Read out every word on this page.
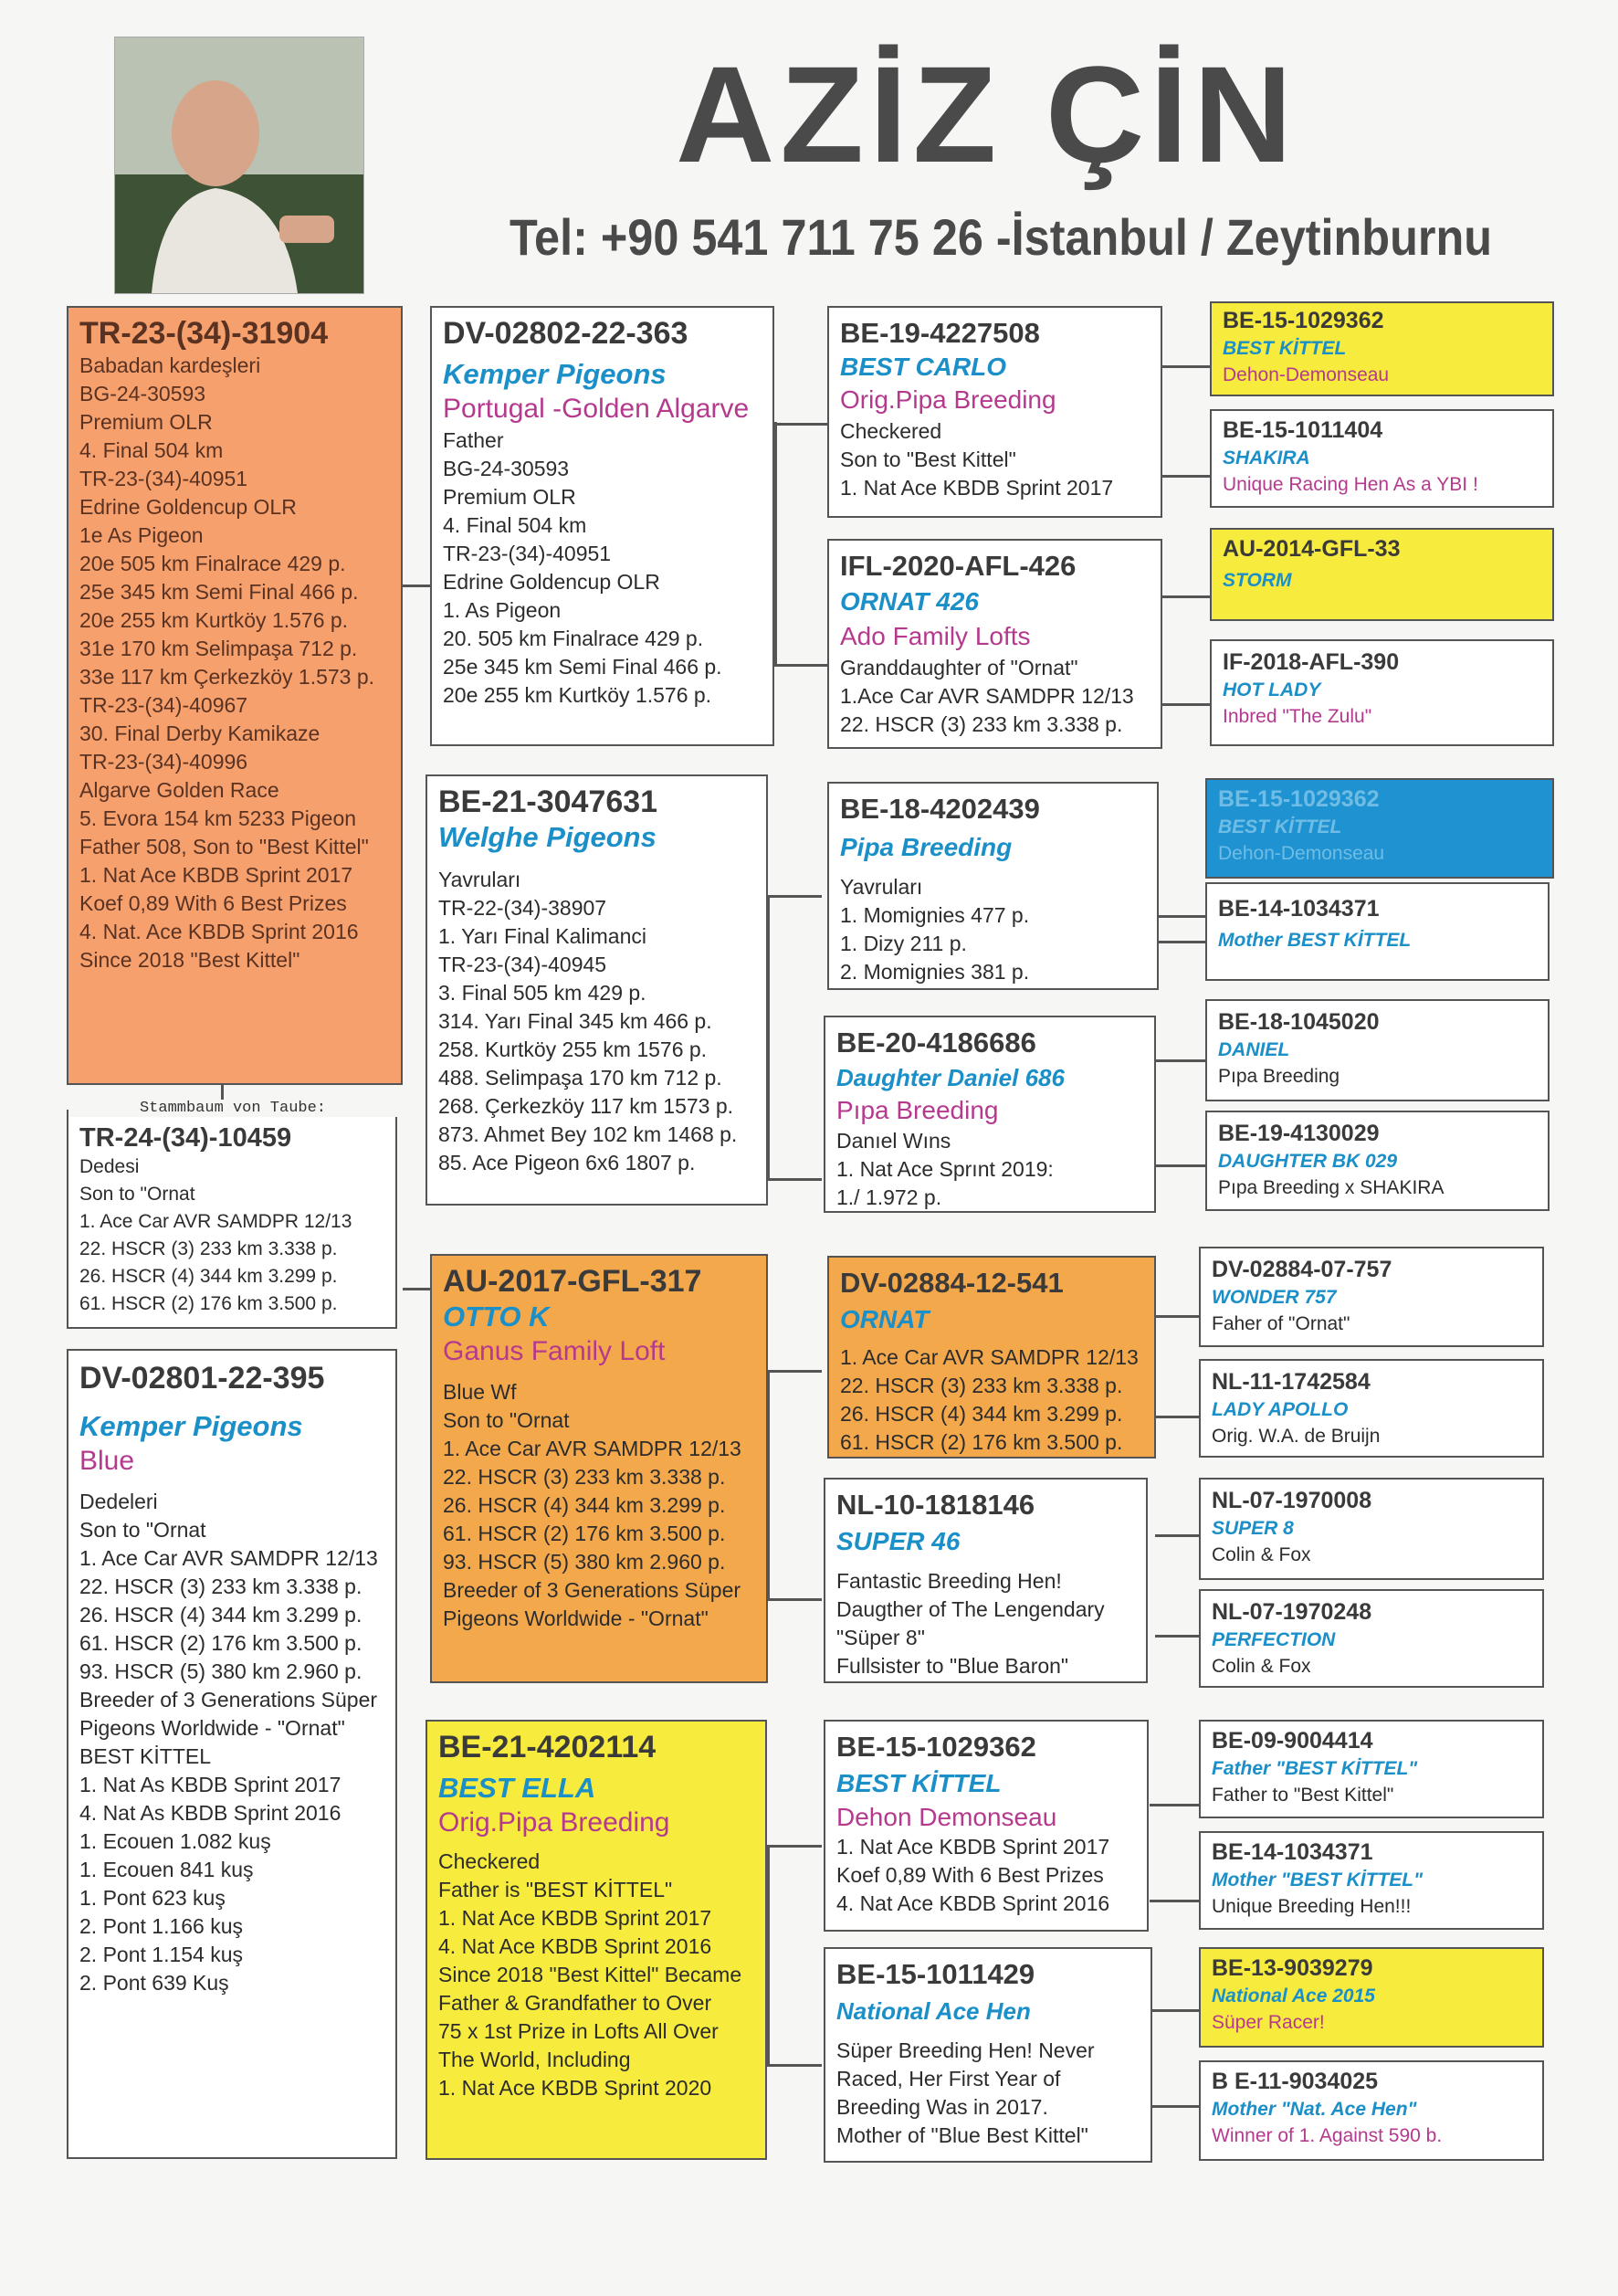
AZİZ ÇİN
Tel: +90 541 711 75 26 -İstanbul / Zeytinburnu
TR-23-(34)-31904
Babadan kardeşleri
BG-24-30593
Premium OLR
4. Final 504 km
TR-23-(34)-40951
Edrine Goldencup OLR
1e As Pigeon
20e 505 km Finalrace 429 p.
25e 345 km Semi Final 466 p.
20e 255 km Kurtköy 1.576 p.
31e 170 km Selimpaşa 712 p.
33e 117 km Çerkezköy 1.573 p.
TR-23-(34)-40967
30. Final Derby Kamikaze
TR-23-(34)-40996
Algarve Golden Race
5. Evora 154 km 5233 Pigeon
Father 508, Son to "Best Kittel"
1. Nat Ace KBDB Sprint 2017
Koef 0,89 With 6 Best Prizes
4. Nat. Ace KBDB Sprint 2016
Since 2018 "Best Kittel"
TR-24-(34)-10459
Dedesi
Son to "Ornat
1. Ace Car AVR SAMDPR 12/13
22. HSCR (3) 233 km 3.338 p.
26. HSCR (4) 344 km 3.299 p.
61. HSCR (2) 176 km 3.500 p.
Stammbaum von Taube:
DV-02801-22-395
Kemper Pigeons
Blue
Dedeleri
Son to "Ornat
1. Ace Car AVR SAMDPR 12/13
22. HSCR (3) 233 km 3.338 p.
26. HSCR (4) 344 km 3.299 p.
61. HSCR (2) 176 km 3.500 p.
93. HSCR (5) 380 km 2.960 p.
Breeder of 3 Generations Süper
Pigeons Worldwide - "Ornat"
BEST KİTTEL
1. Nat As KBDB Sprint 2017
4. Nat As KBDB Sprint 2016
1. Ecouen 1.082 kuş
1. Ecouen 841 kuş
1. Pont 623 kuş
2. Pont 1.166 kuş
2. Pont 1.154 kuş
2. Pont 639 Kuş
DV-02802-22-363
Kemper Pigeons
Portugal -Golden Algarve
Father
BG-24-30593
Premium OLR
4. Final 504 km
TR-23-(34)-40951
Edrine Goldencup OLR
1. As Pigeon
20. 505 km Finalrace 429 p.
25e 345 km Semi Final 466 p.
20e 255 km Kurtköy 1.576 p.
BE-21-3047631
Welghe Pigeons
Yavruları
TR-22-(34)-38907
1. Yarı Final Kalimanci
TR-23-(34)-40945
3. Final 505 km 429 p.
314. Yarı Final 345 km 466 p.
258. Kurtköy 255 km 1576 p.
488. Selimpaşa 170 km 712 p.
268. Çerkezköy 117 km 1573 p.
873. Ahmet Bey 102 km 1468 p.
85. Ace Pigeon 6x6 1807 p.
AU-2017-GFL-317
OTTO K
Ganus Family Loft
Blue Wf
Son to "Ornat
1. Ace Car AVR SAMDPR 12/13
22. HSCR (3) 233 km 3.338 p.
26. HSCR (4) 344 km 3.299 p.
61. HSCR (2) 176 km 3.500 p.
93. HSCR (5) 380 km 2.960 p.
Breeder of 3 Generations Süper
Pigeons Worldwide - "Ornat"
BE-21-4202114
BEST ELLA
Orig.Pipa Breeding
Checkered
Father is "BEST KİTTEL"
1. Nat Ace KBDB Sprint 2017
4. Nat Ace KBDB Sprint 2016
Since 2018 "Best Kittel" Became
Father & Grandfather to Over
75 x 1st Prize in Lofts All Over
The World, Including
1. Nat Ace KBDB Sprint 2020
BE-19-4227508
BEST CARLO
Orig.Pipa Breeding
Checkered
Son to "Best Kittel"
1. Nat Ace KBDB Sprint 2017
IFL-2020-AFL-426
ORNAT 426
Ado Family Lofts
Granddaughter of "Ornat"
1.Ace Car AVR SAMDPR 12/13
22. HSCR (3) 233 km 3.338 p.
BE-18-4202439
Pipa Breeding
Yavruları
1. Momignies 477 p.
1. Dizy 211 p.
2. Momignies 381 p.
BE-20-4186686
Daughter Daniel 686
Pıpa Breeding
Danıel Wıns
1. Nat Ace Sprınt 2019:
1./ 1.972 p.
DV-02884-12-541
ORNAT
1. Ace Car AVR SAMDPR 12/13
22. HSCR (3) 233 km 3.338 p.
26. HSCR (4) 344 km 3.299 p.
61. HSCR (2) 176 km 3.500 p.
NL-10-1818146
SUPER 46
Fantastic Breeding Hen!
Daugther of The Lengendary
"Süper 8"
Fullsister to "Blue Baron"
BE-15-1029362
BEST KİTTEL
Dehon Demonseau
1. Nat Ace KBDB Sprint 2017
Koef 0,89 With 6 Best Prizes
4. Nat Ace KBDB Sprint 2016
BE-15-1011429
National Ace Hen
Süper Breeding Hen! Never
Raced, Her First Year of
Breeding Was in 2017.
Mother of "Blue Best Kittel"
BE-15-1029362
BEST KİTTEL
Dehon-Demonseau
BE-15-1011404
SHAKIRA
Unique Racing Hen As a YBI !
AU-2014-GFL-33
STORM
IF-2018-AFL-390
HOT LADY
Inbred "The Zulu"
BE-15-1029362
BEST KİTTEL
Dehon-Demonseau
BE-14-1034371
Mother BEST KİTTEL
BE-18-1045020
DANIEL
Pıpa Breeding
BE-19-4130029
DAUGHTER BK 029
Pıpa Breeding x SHAKIRA
DV-02884-07-757
WONDER 757
Faher of "Ornat"
NL-11-1742584
LADY APOLLO
Orig. W.A. de Bruijn
NL-07-1970008
SUPER 8
Colin & Fox
NL-07-1970248
PERFECTION
Colin & Fox
BE-09-9004414
Father "BEST KİTTEL"
Father to "Best Kittel"
BE-14-1034371
Mother "BEST KİTTEL"
Unique Breeding Hen!!!
BE-13-9039279
National Ace 2015
Süper Racer!
B E-11-9034025
Mother "Nat. Ace Hen"
Winner of 1. Against 590 b.
